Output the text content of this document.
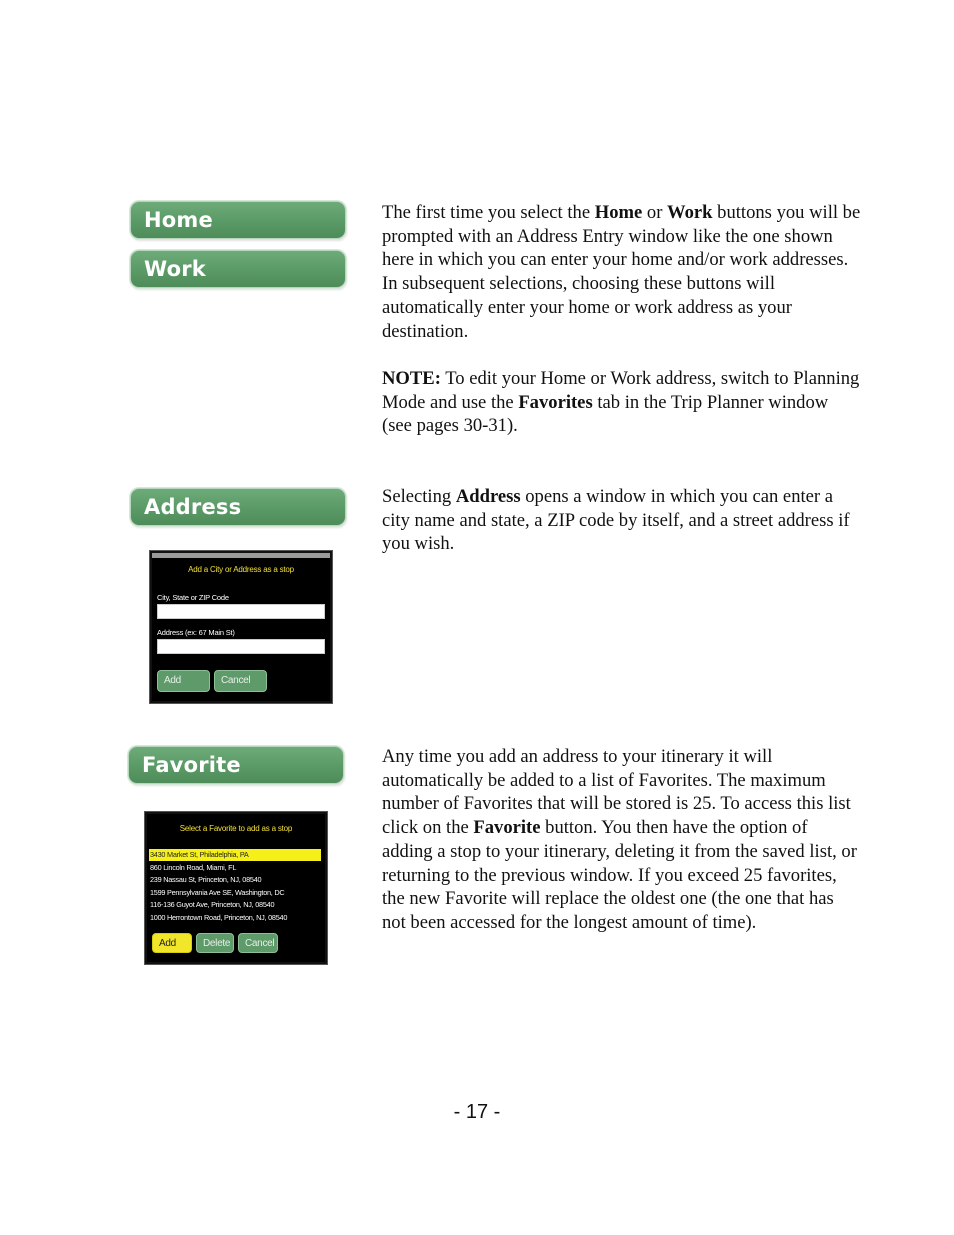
Home
Work

The first time you select the Home or Work buttons you will be prompted with an Address Entry window like the one shown here in which you can enter your home and/or work addresses. In subsequent selections, choosing these buttons will automatically enter your home or work address as your destination.

NOTE: To edit your Home or Work address, switch to Planning Mode and use the Favorites tab in the Trip Planner window (see pages 30-31).

Address	Selecting Address opens a window in which you can enter a city name and state, a ZIP code by itself, and a street address if you wish.

Add a City or Address as a stop
City, State or ZIP Code
Address (ex: 67 Main St)
Add	Cancel
Favorite	Any time you add an address to your itinerary it will automatically be added to a list of Favorites. The maximum number of Favorites that will be stored is 25. To access this list click on the Favorite button. You then have the option of adding a stop to your itinerary, deleting it from the saved list, or returning to the previous window. If you exceed 25 favorites, the new Favorite will replace the oldest one (the one that has not been accessed for the longest amount of time).

Select a Favorite to add as a stop
3430 Market St, Philadelphia, PA
860 Lincoln Road, Miami, FL
239 Nassau St, Princeton, NJ, 08540
1599 Pennsylvania Ave SE, Washington, DC
116-136 Guyot Ave, Princeton, NJ, 08540
1000 Herrontown Road, Princeton, NJ, 08540
Add	Delete	Cancel
- 17 -
